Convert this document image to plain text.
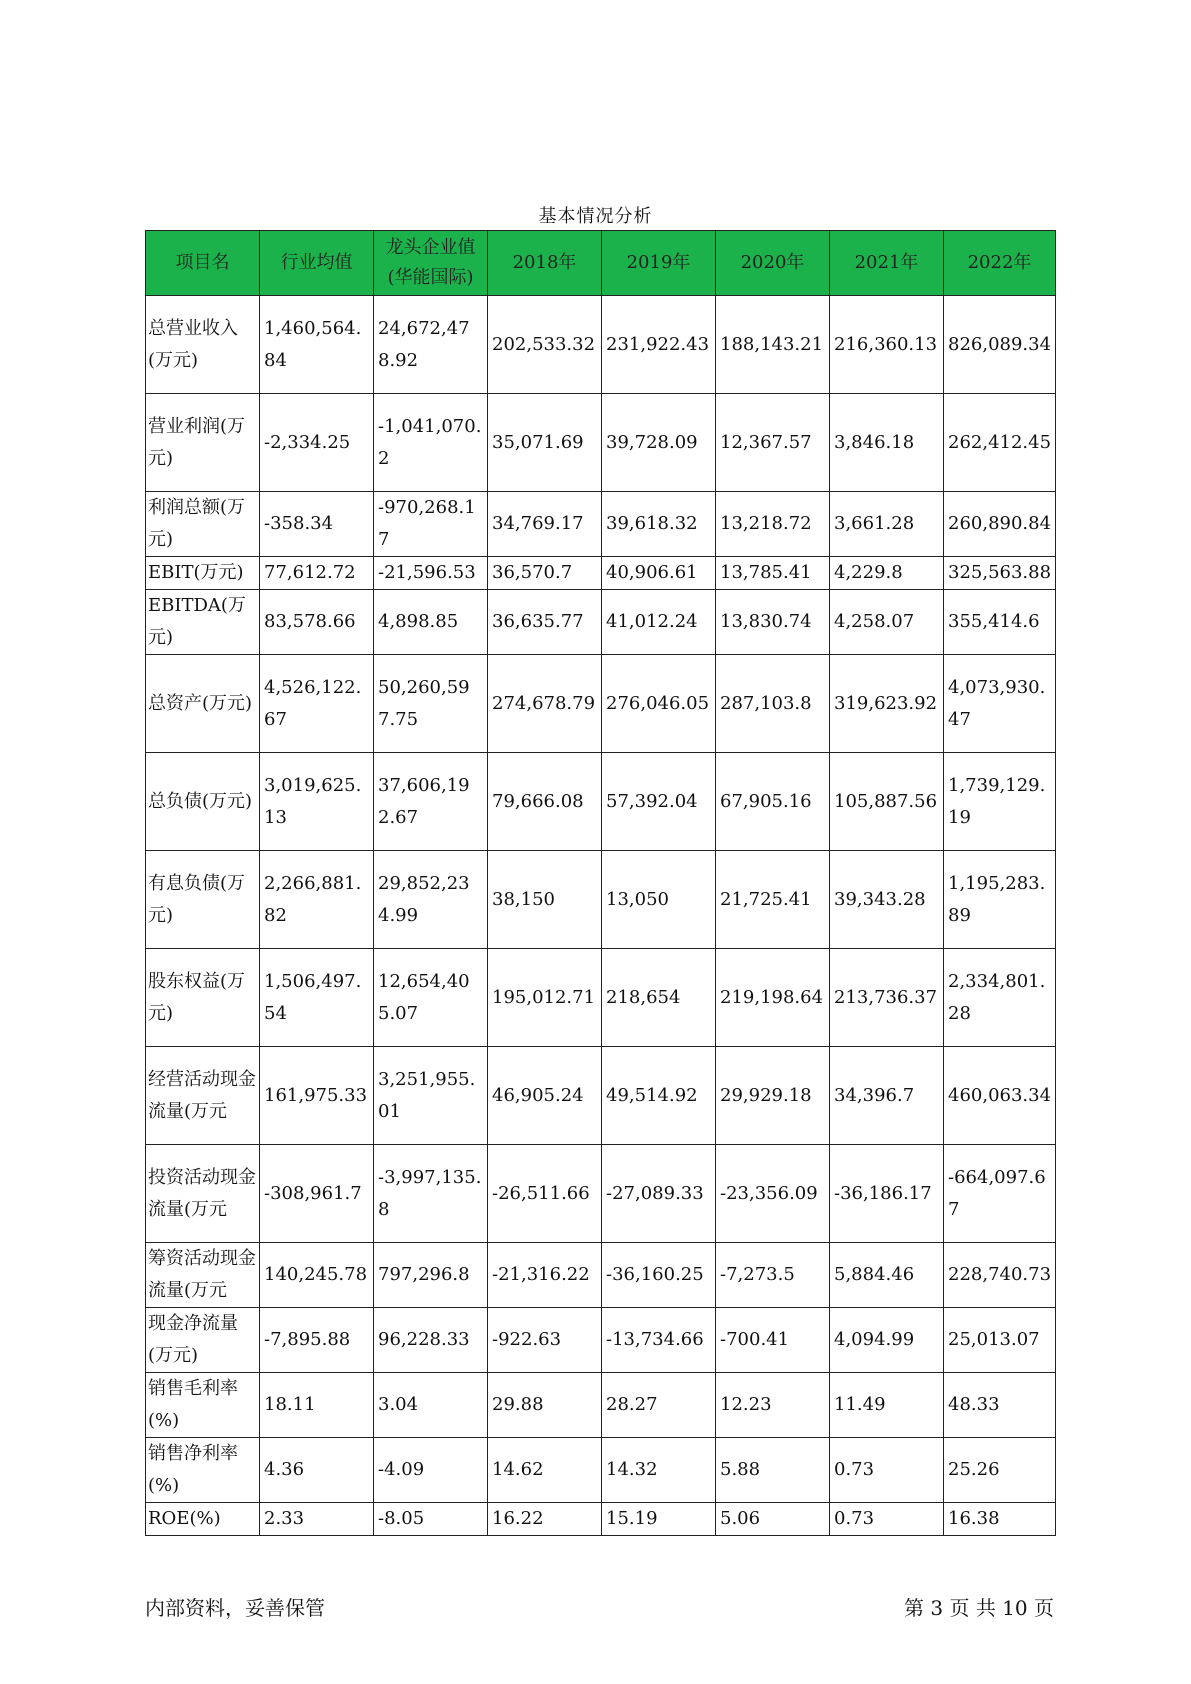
基本情况分析
项目名	行业均值	龙头企业值(华能国际)	2018年	2019年	2020年	2021年	2022年
总营业收入(万元)	1,460,564.84	24,672,478.92	202,533.32	231,922.43	188,143.21	216,360.13	826,089.34
营业利润(万元)	-2,334.25	-1,041,070.2	35,071.69	39,728.09	12,367.57	3,846.18	262,412.45
利润总额(万元)	-358.34	-970,268.17	34,769.17	39,618.32	13,218.72	3,661.28	260,890.84
EBIT(万元)	77,612.72	-21,596.53	36,570.7	40,906.61	13,785.41	4,229.8	325,563.88
EBITDA(万元)	83,578.66	4,898.85	36,635.77	41,012.24	13,830.74	4,258.07	355,414.6
总资产(万元)	4,526,122.67	50,260,597.75	274,678.79	276,046.05	287,103.8	319,623.92	4,073,930.47
总负债(万元)	3,019,625.13	37,606,192.67	79,666.08	57,392.04	67,905.16	105,887.56	1,739,129.19
有息负债(万元)	2,266,881.82	29,852,234.99	38,150	13,050	21,725.41	39,343.28	1,195,283.89
股东权益(万元)	1,506,497.54	12,654,405.07	195,012.71	218,654	219,198.64	213,736.37	2,334,801.28
经营活动现金流量(万元	161,975.33	3,251,955.01	46,905.24	49,514.92	29,929.18	34,396.7	460,063.34
投资活动现金流量(万元	-308,961.7	-3,997,135.8	-26,511.66	-27,089.33	-23,356.09	-36,186.17	-664,097.67
筹资活动现金流量(万元	140,245.78	797,296.8	-21,316.22	-36,160.25	-7,273.5	5,884.46	228,740.73
现金净流量(万元)	-7,895.88	96,228.33	-922.63	-13,734.66	-700.41	4,094.99	25,013.07
销售毛利率(%)	18.11	3.04	29.88	28.27	12.23	11.49	48.33
销售净利率(%)	4.36	-4.09	14.62	14.32	5.88	0.73	25.26
ROE(%)	2.33	-8.05	16.22	15.19	5.06	0.73	16.38
内部资料，妥善保管	第 3 页 共 10 页
